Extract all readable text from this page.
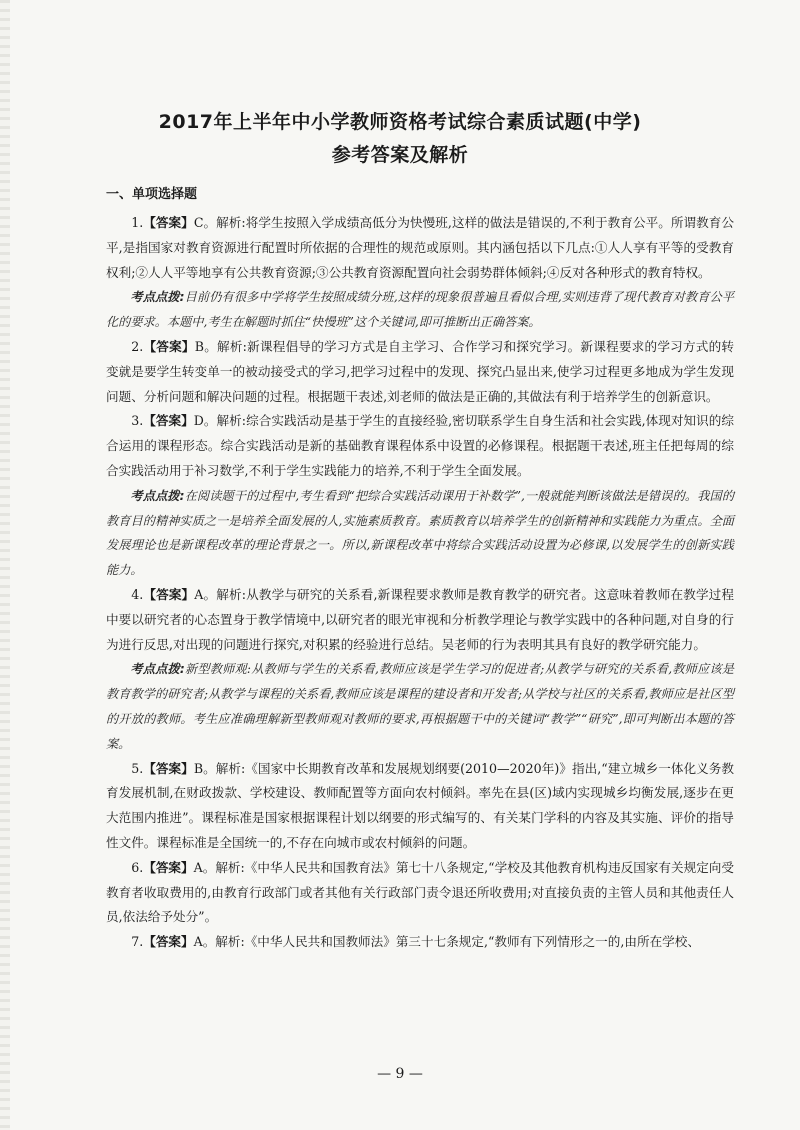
2017年上半年中小学教师资格考试综合素质试题(中学)
参考答案及解析
一、单项选择题

1.【答案】C。解析:将学生按照入学成绩高低分为快慢班,这样的做法是错误的,不利于教育公平。所谓教育公平,是指国家对教育资源进行配置时所依据的合理性的规范或原则。其内涵包括以下几点:①人人享有平等的受教育权利;②人人平等地享有公共教育资源;③公共教育资源配置向社会弱势群体倾斜;④反对各种形式的教育特权。

考点点拨:目前仍有很多中学将学生按照成绩分班,这样的现象很普遍且看似合理,实则违背了现代教育对教育公平化的要求。本题中,考生在解题时抓住“快慢班”这个关键词,即可推断出正确答案。

2.【答案】B。解析:新课程倡导的学习方式是自主学习、合作学习和探究学习。新课程要求的学习方式的转变就是要学生转变单一的被动接受式的学习,把学习过程中的发现、探究凸显出来,使学习过程更多地成为学生发现问题、分析问题和解决问题的过程。根据题干表述,刘老师的做法是正确的,其做法有利于培养学生的创新意识。

3.【答案】D。解析:综合实践活动是基于学生的直接经验,密切联系学生自身生活和社会实践,体现对知识的综合运用的课程形态。综合实践活动是新的基础教育课程体系中设置的必修课程。根据题干表述,班主任把每周的综合实践活动用于补习数学,不利于学生实践能力的培养,不利于学生全面发展。

考点点拨:在阅读题干的过程中,考生看到“把综合实践活动课用于补数学”,一般就能判断该做法是错误的。我国的教育目的精神实质之一是培养全面发展的人,实施素质教育。素质教育以培养学生的创新精神和实践能力为重点。全面发展理论也是新课程改革的理论背景之一。所以,新课程改革中将综合实践活动设置为必修课,以发展学生的创新实践能力。

4.【答案】A。解析:从教学与研究的关系看,新课程要求教师是教育教学的研究者。这意味着教师在教学过程中要以研究者的心态置身于教学情境中,以研究者的眼光审视和分析教学理论与教学实践中的各种问题,对自身的行为进行反思,对出现的问题进行探究,对积累的经验进行总结。吴老师的行为表明其具有良好的教学研究能力。

考点点拨:新型教师观:从教师与学生的关系看,教师应该是学生学习的促进者;从教学与研究的关系看,教师应该是教育教学的研究者;从教学与课程的关系看,教师应该是课程的建设者和开发者;从学校与社区的关系看,教师应是社区型的开放的教师。考生应准确理解新型教师观对教师的要求,再根据题干中的关键词“教学”“研究”,即可判断出本题的答案。

5.【答案】B。解析:《国家中长期教育改革和发展规划纲要(2010—2020年)》指出,“建立城乡一体化义务教育发展机制,在财政拨款、学校建设、教师配置等方面向农村倾斜。率先在县(区)域内实现城乡均衡发展,逐步在更大范围内推进”。课程标准是国家根据课程计划以纲要的形式编写的、有关某门学科的内容及其实施、评价的指导性文件。课程标准是全国统一的,不存在向城市或农村倾斜的问题。

6.【答案】A。解析:《中华人民共和国教育法》第七十八条规定,“学校及其他教育机构违反国家有关规定向受教育者收取费用的,由教育行政部门或者其他有关行政部门责令退还所收费用;对直接负责的主管人员和其他责任人员,依法给予处分”。

7.【答案】A。解析:《中华人民共和国教师法》第三十七条规定,“教师有下列情形之一的,由所在学校、

— 9 —
